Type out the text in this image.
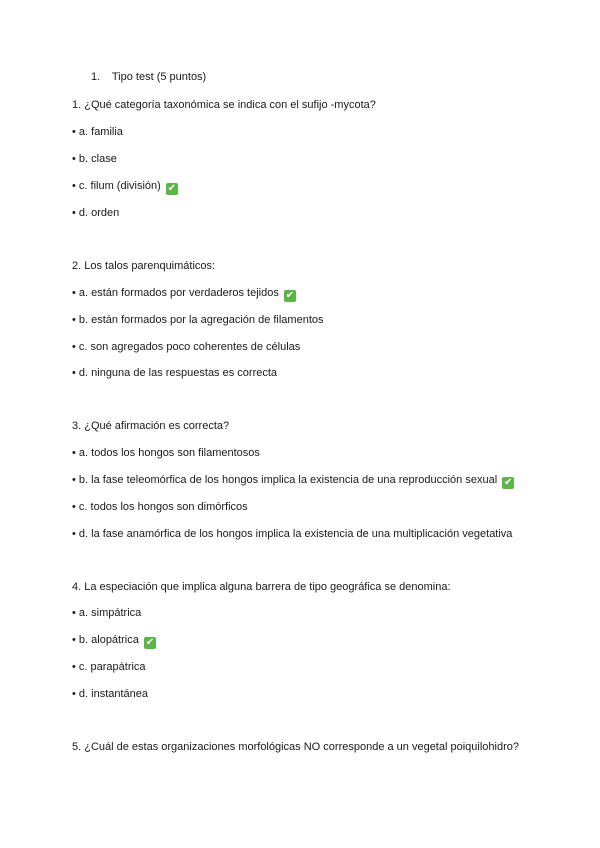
1. Tipo test (5 puntos)
1. ¿Qué categoría taxonómica se indica con el sufijo -mycota?
• a. familia
• b. clase
• c. filum (división) ✔
• d. orden
2. Los talos parenquimáticos:
• a. están formados por verdaderos tejidos ✔
• b. están formados por la agregación de filamentos
• c. son agregados poco coherentes de células
• d. ninguna de las respuestas es correcta
3. ¿Qué afirmación es correcta?
• a. todos los hongos son filamentosos
• b. la fase teleomórfica de los hongos implica la existencia de una reproducción sexual ✔
• c. todos los hongos son dimórficos
• d. la fase anamórfica de los hongos implica la existencia de una multiplicación vegetativa
4. La especiación que implica alguna barrera de tipo geográfica se denomina:
• a. simpátrica
• b. alopátrica ✔
• c. parapátrica
• d. instantánea
5. ¿Cuál de estas organizaciones morfológicas NO corresponde a un vegetal poiquilohidro?
